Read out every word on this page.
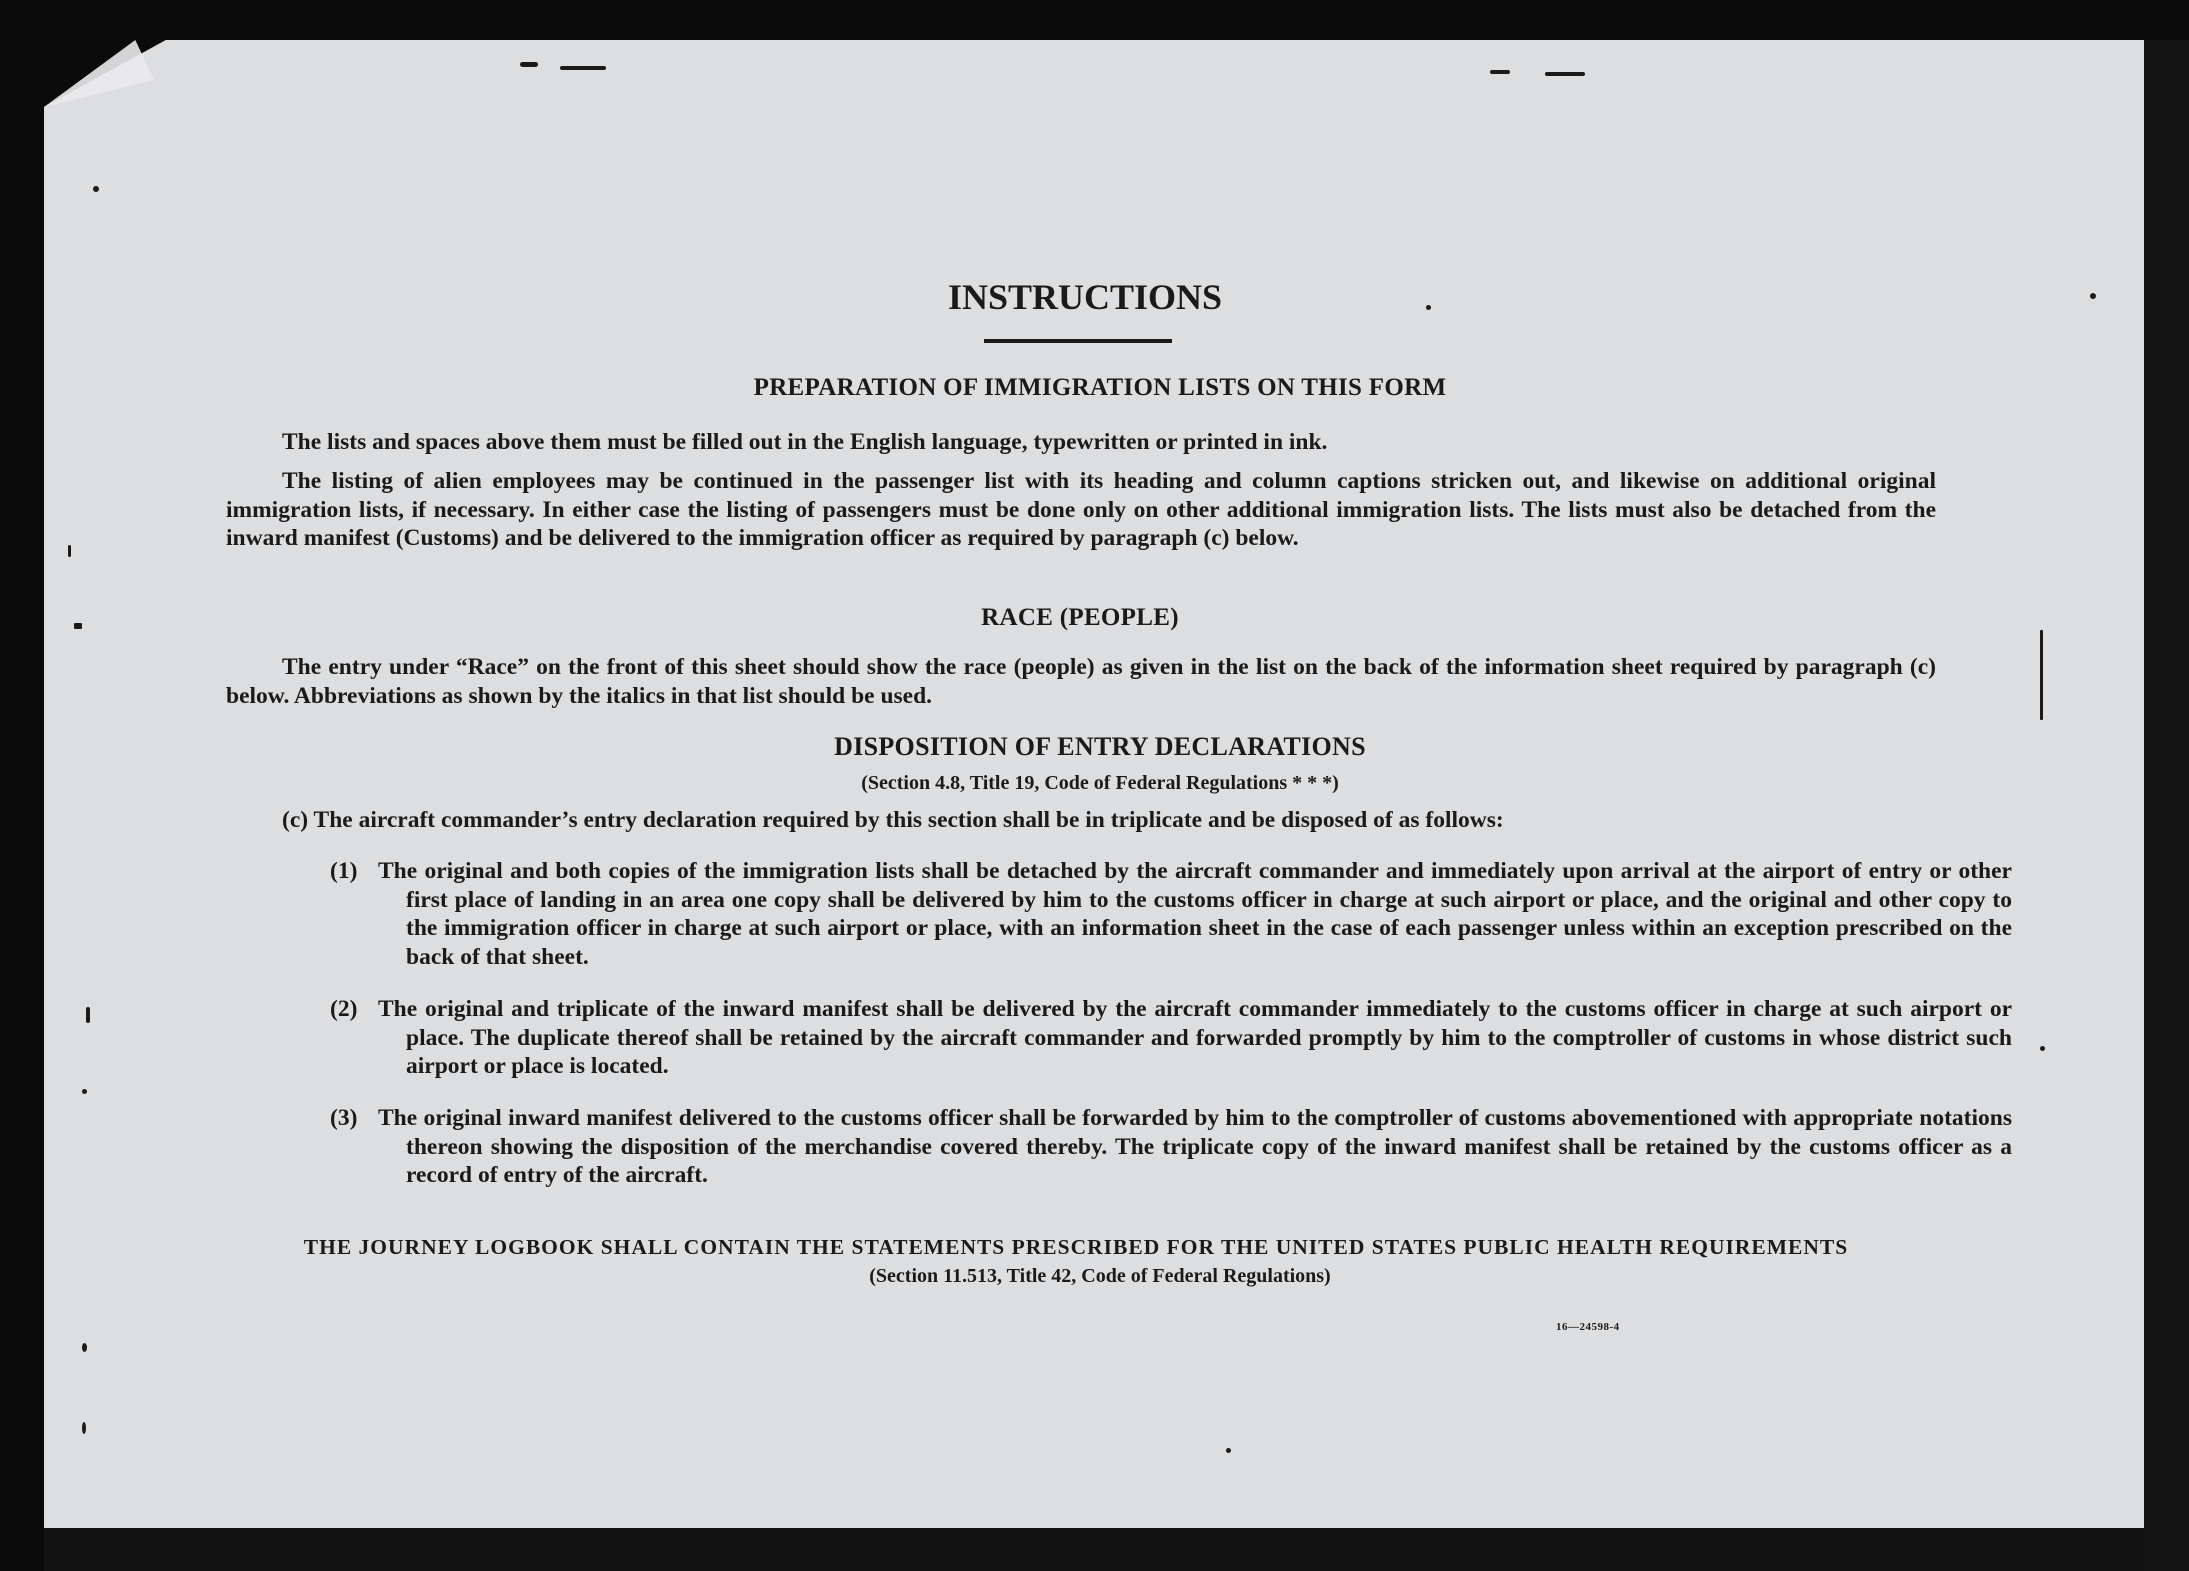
INSTRUCTIONS
PREPARATION OF IMMIGRATION LISTS ON THIS FORM
The lists and spaces above them must be filled out in the English language, typewritten or printed in ink.
The listing of alien employees may be continued in the passenger list with its heading and column captions stricken out, and likewise on additional original immigration lists, if necessary. In either case the listing of passengers must be done only on other additional immigration lists. The lists must also be detached from the inward manifest (Customs) and be delivered to the immigration officer as required by paragraph (c) below.
RACE (PEOPLE)
The entry under “Race” on the front of this sheet should show the race (people) as given in the list on the back of the information sheet required by paragraph (c) below. Abbreviations as shown by the italics in that list should be used.
DISPOSITION OF ENTRY DECLARATIONS
(Section 4.8, Title 19, Code of Federal Regulations * * *)
(c) The aircraft commander’s entry declaration required by this section shall be in triplicate and be disposed of as follows:
(1) The original and both copies of the immigration lists shall be detached by the aircraft commander and immediately upon arrival at the airport of entry or other first place of landing in an area one copy shall be delivered by him to the customs officer in charge at such airport or place, and the original and other copy to the immigration officer in charge at such airport or place, with an information sheet in the case of each passenger unless within an exception prescribed on the back of that sheet.
(2) The original and triplicate of the inward manifest shall be delivered by the aircraft commander immediately to the customs officer in charge at such airport or place. The duplicate thereof shall be retained by the aircraft commander and forwarded promptly by him to the comptroller of customs in whose district such airport or place is located.
(3) The original inward manifest delivered to the customs officer shall be forwarded by him to the comptroller of customs abovementioned with appropriate notations thereon showing the disposition of the merchandise covered thereby. The triplicate copy of the inward manifest shall be retained by the customs officer as a record of entry of the aircraft.
THE JOURNEY LOGBOOK SHALL CONTAIN THE STATEMENTS PRESCRIBED FOR THE UNITED STATES PUBLIC HEALTH REQUIREMENTS
(Section 11.513, Title 42, Code of Federal Regulations)
16—24598‑4
